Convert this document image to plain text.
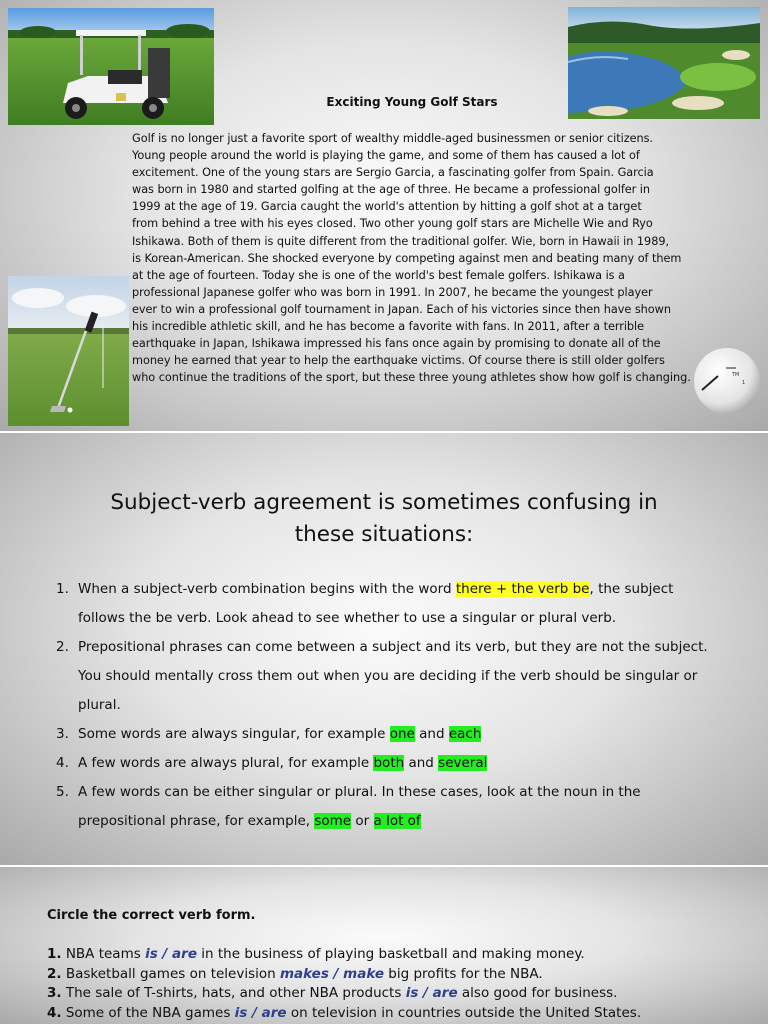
Exciting Young Golf Stars

Golf is no longer just a favorite sport of wealthy middle-aged businessmen or senior citizens.
Young people around the world is playing the game, and some of them has caused a lot of
excitement. One of the young stars are Sergio Garcia, a fascinating golfer from Spain. Garcia
was born in 1980 and started golfing at the age of three. He became a professional golfer in
1999 at the age of 19. Garcia caught the world's attention by hitting a golf shot at a target
from behind a tree with his eyes closed. Two other young golf stars are Michelle Wie and Ryo
Ishikawa. Both of them is quite different from the traditional golfer. Wie, born in Hawaii in 1989,
is Korean-American. She shocked everyone by competing against men and beating many of them
at the age of fourteen. Today she is one of the world's best female golfers. Ishikawa is a
professional Japanese golfer who was born in 1991. In 2007, he became the youngest player
ever to win a professional golf tournament in Japan. Each of his victories since then have shown
his incredible athletic skill, and he has become a favorite with fans. In 2011, after a terrible
earthquake in Japan, Ishikawa impressed his fans once again by promising to donate all of the
money he earned that year to help the earthquake victims. Of course there is still older golfers
who continue the traditions of the sport, but these three young athletes show how golf is changing.	TM
1
Subject-verb agreement is sometimes confusing in
these situations:
1. When a subject-verb combination begins with the word there + the verb be, the subject follows the be verb. Look ahead to see whether to use a singular or plural verb.
2. Prepositional phrases can come between a subject and its verb, but they are not the subject. You should mentally cross them out when you are deciding if the verb should be singular or plural.
3. Some words are always singular, for example one and each
4. A few words are always plural, for example both and several
5. A few words can be either singular or plural. In these cases, look at the noun in the prepositional phrase, for example, some or a lot of

Circle the correct verb form.

1. NBA teams is / are in the business of playing basketball and making money.
2. Basketball games on television makes / make big profits for the NBA.
3. The sale of T-shirts, hats, and other NBA products is / are also good for business.
4. Some of the NBA games is / are on television in countries outside the United States.
